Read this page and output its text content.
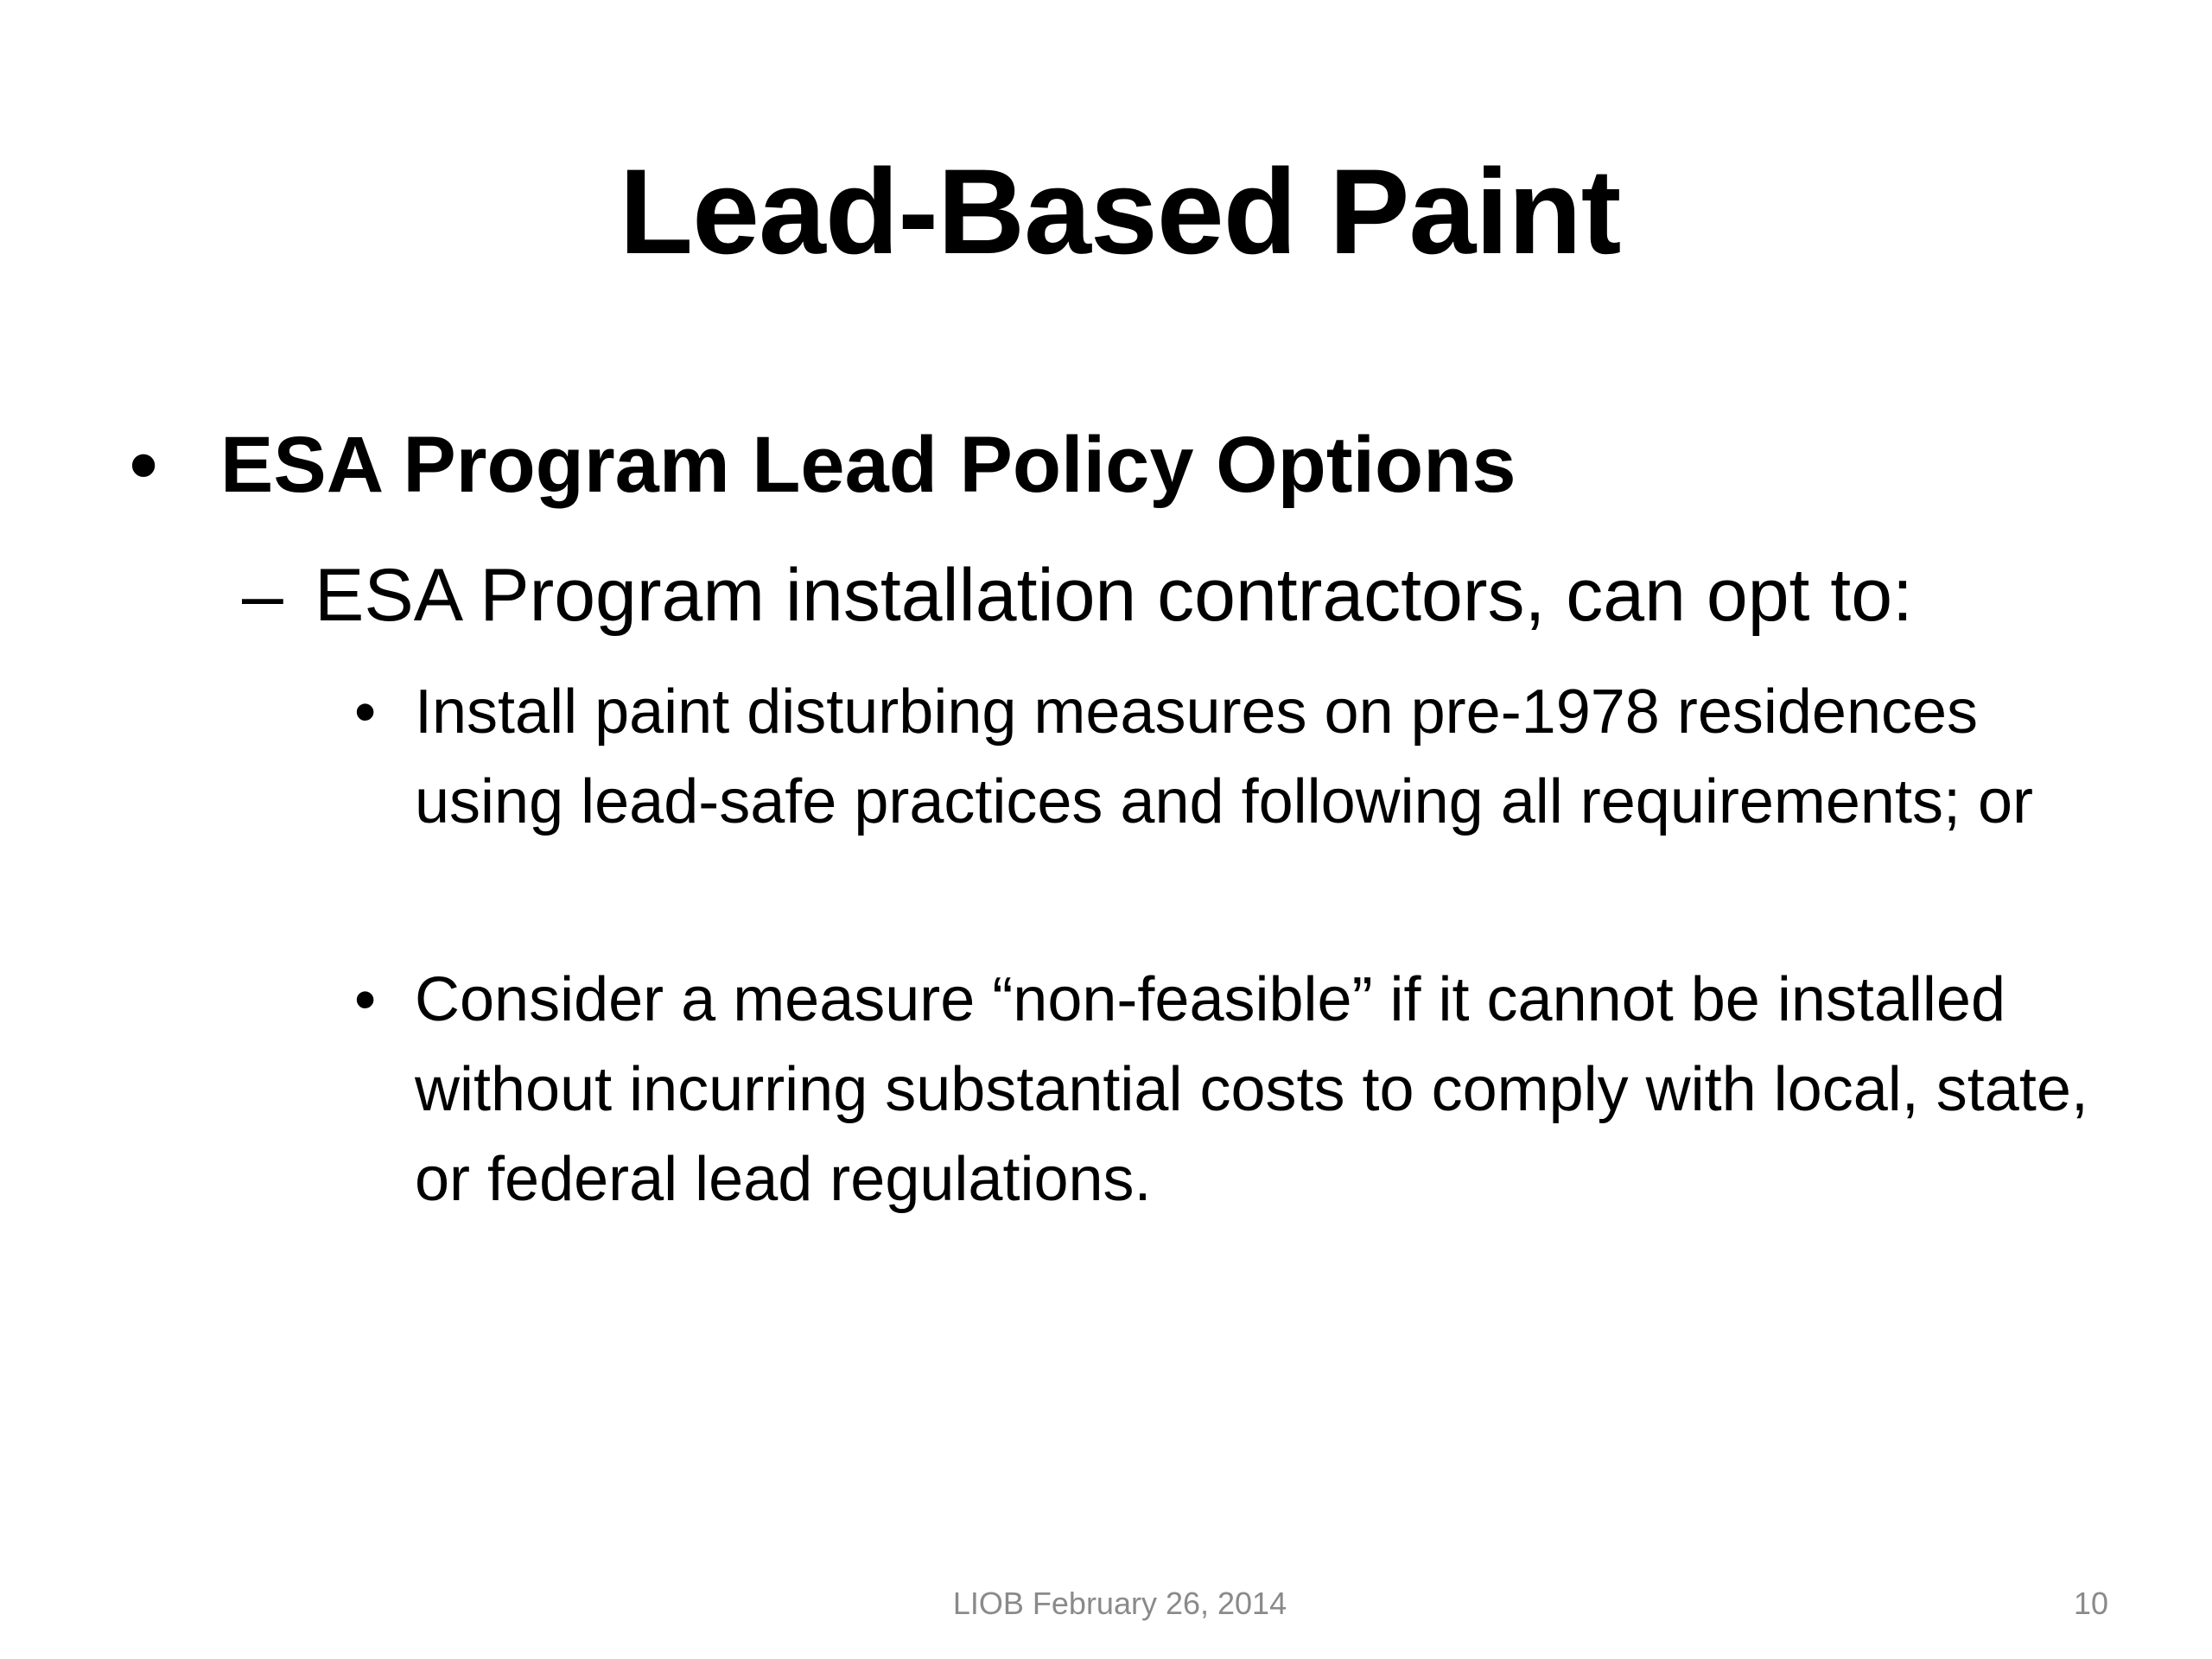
Lead-Based Paint
• ESA Program Lead Policy Options
– ESA Program installation contractors, can opt to:
• Install paint disturbing measures on pre-1978 residences using lead-safe practices and following all requirements; or
• Consider a measure “non-feasible” if it cannot be installed without incurring substantial costs to comply with local, state, or federal lead regulations.
LIOB February 26, 2014	10
